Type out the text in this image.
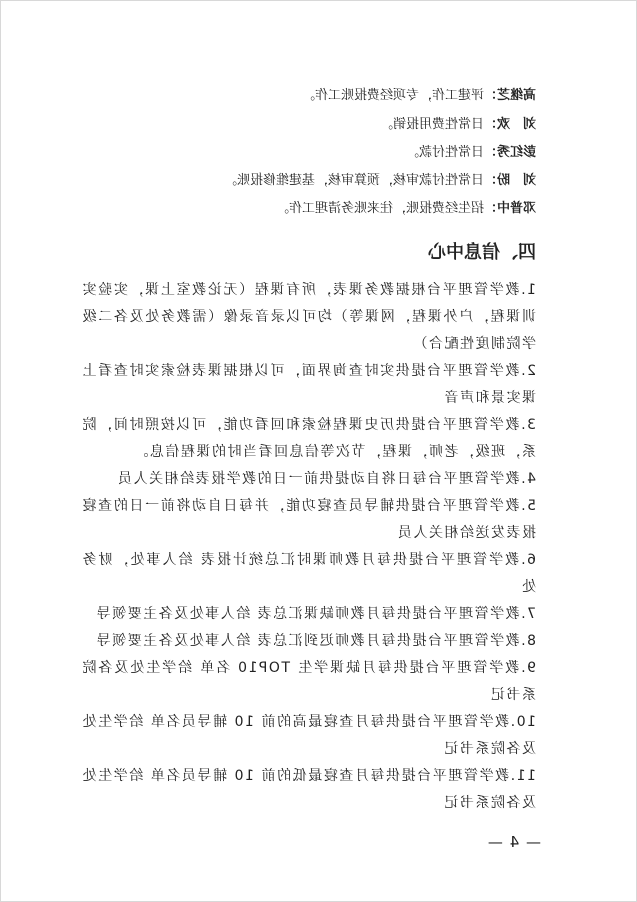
高继芝：评建工作，专项经费报账工作。
刘　欢：日常性费用报销。
彭红秀：日常性付款。
刘　盼：日常性付款审核，预算审核，基建维修报账。
邓普中：招生经费报账，往来账务清理工作。
四、信息中心

1.教学管理平台根据教务课表，所有课程（无论教室上课，实验实训课程，户外课程，网课等）均可以录音录像（需教务处及各二级学院制度性配合）

2.教学管理平台提供实时查询界面，可以根据课表检索实时查看上课实景和声音

3.教学管理平台提供历史课程检索和回看功能，可以按照时间，院系，班级，老师，课程，节次等信息回看当时的课程信息。

4.教学管理平台每日将自动提供前一日的教学报表给相关人员

5.教学管理平台提供辅导员查寝功能，并每日自动将前一日的查寝报表发送给相关人员

6.教学管理平台提供每月教师课时汇总统计报表 给人事处，财务处

7.教学管理平台提供每月教师缺课汇总表 给人事处及各主要领导

8.教学管理平台提供每月教师迟到汇总表 给人事处及各主要领导

9.教学管理平台提供每月缺课学生 TOP10 名单 给学生处及各院系书记

10.教学管理平台提供每月查寝最高的前 10 辅导员名单 给学生处及各院系书记

11.教学管理平台提供每月查寝最低的前 10 辅导员名单 给学生处及各院系书记

— 4 —
